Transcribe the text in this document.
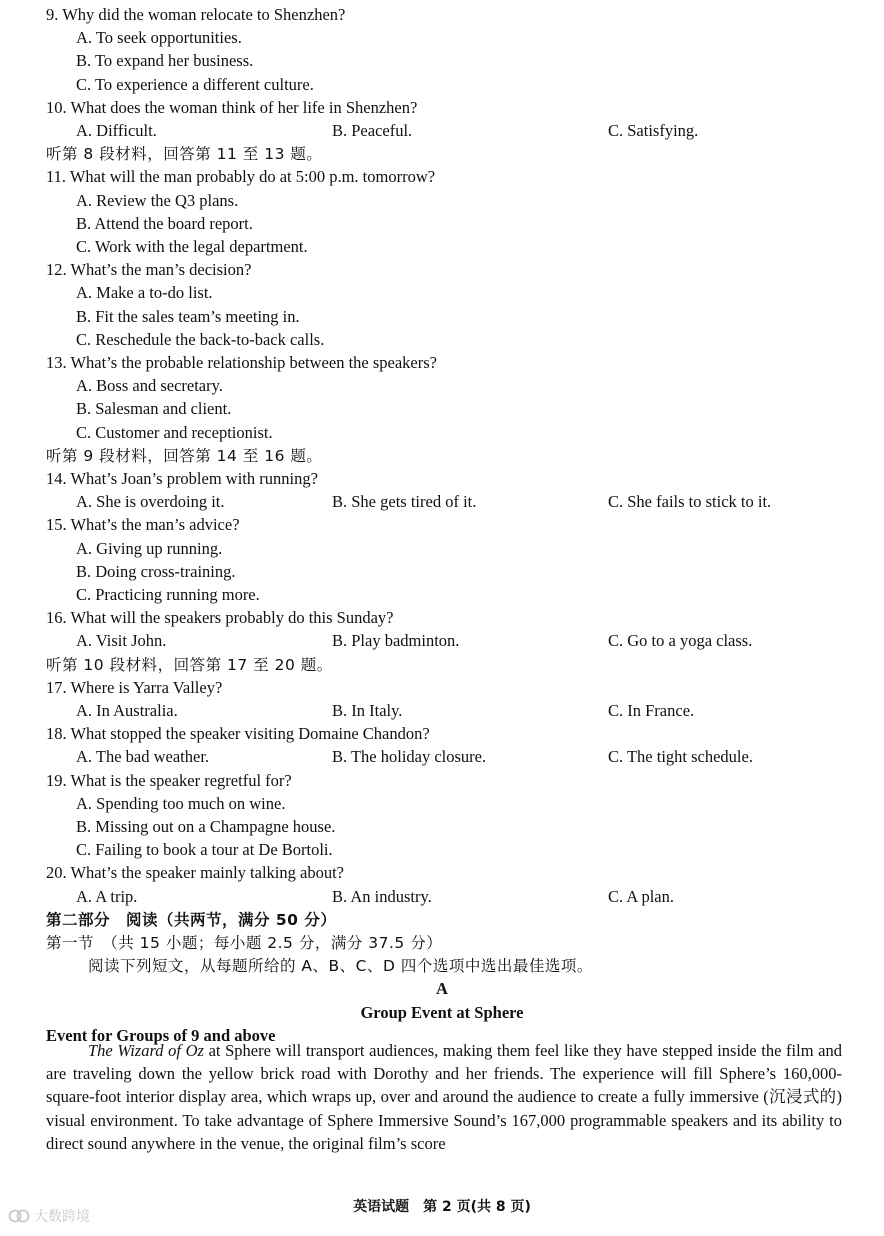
9. Why did the woman relocate to Shenzhen?
A. To seek opportunities.
B. To expand her business.
C. To experience a different culture.
10. What does the woman think of her life in Shenzhen?
A. Difficult.	B. Peaceful.	C. Satisfying.
听第 8 段材料，回答第 11 至 13 题。
11. What will the man probably do at 5:00 p.m. tomorrow?
A. Review the Q3 plans.
B. Attend the board report.
C. Work with the legal department.
12. What’s the man’s decision?
A. Make a to-do list.
B. Fit the sales team’s meeting in.
C. Reschedule the back-to-back calls.
13. What’s the probable relationship between the speakers?
A. Boss and secretary.
B. Salesman and client.
C. Customer and receptionist.
听第 9 段材料，回答第 14 至 16 题。
14. What’s Joan’s problem with running?
A. She is overdoing it.	B. She gets tired of it.	C. She fails to stick to it.
15. What’s the man’s advice?
A. Giving up running.
B. Doing cross-training.
C. Practicing running more.
16. What will the speakers probably do this Sunday?
A. Visit John.	B. Play badminton.	C. Go to a yoga class.
听第 10 段材料，回答第 17 至 20 题。
17. Where is Yarra Valley?
A. In Australia.	B. In Italy.	C. In France.
18. What stopped the speaker visiting Domaine Chandon?
A. The bad weather.	B. The holiday closure.	C. The tight schedule.
19. What is the speaker regretful for?
A. Spending too much on wine.
B. Missing out on a Champagne house.
C. Failing to book a tour at De Bortoli.
20. What’s the speaker mainly talking about?
A. A trip.	B. An industry.	C. A plan.
第二部分　阅读（共两节，满分 50 分）
第一节　（共 15 小题；每小题 2.5 分，满分 37.5 分）
阅读下列短文，从每题所给的 A、B、C、D 四个选项中选出最佳选项。
A
Group Event at Sphere
Event for Groups of 9 and above
The Wizard of Oz at Sphere will transport audiences, making them feel like they have stepped inside the film and are traveling down the yellow brick road with Dorothy and her friends. The experience will fill Sphere’s 160,000-square-foot interior display area, which wraps up, over and around the audience to create a fully immersive (沉浸式的) visual environment. To take advantage of Sphere Immersive Sound’s 167,000 programmable speakers and its ability to direct sound anywhere in the venue, the original film’s score
英语试题　第 2 页(共 8 页)
大数跨境
